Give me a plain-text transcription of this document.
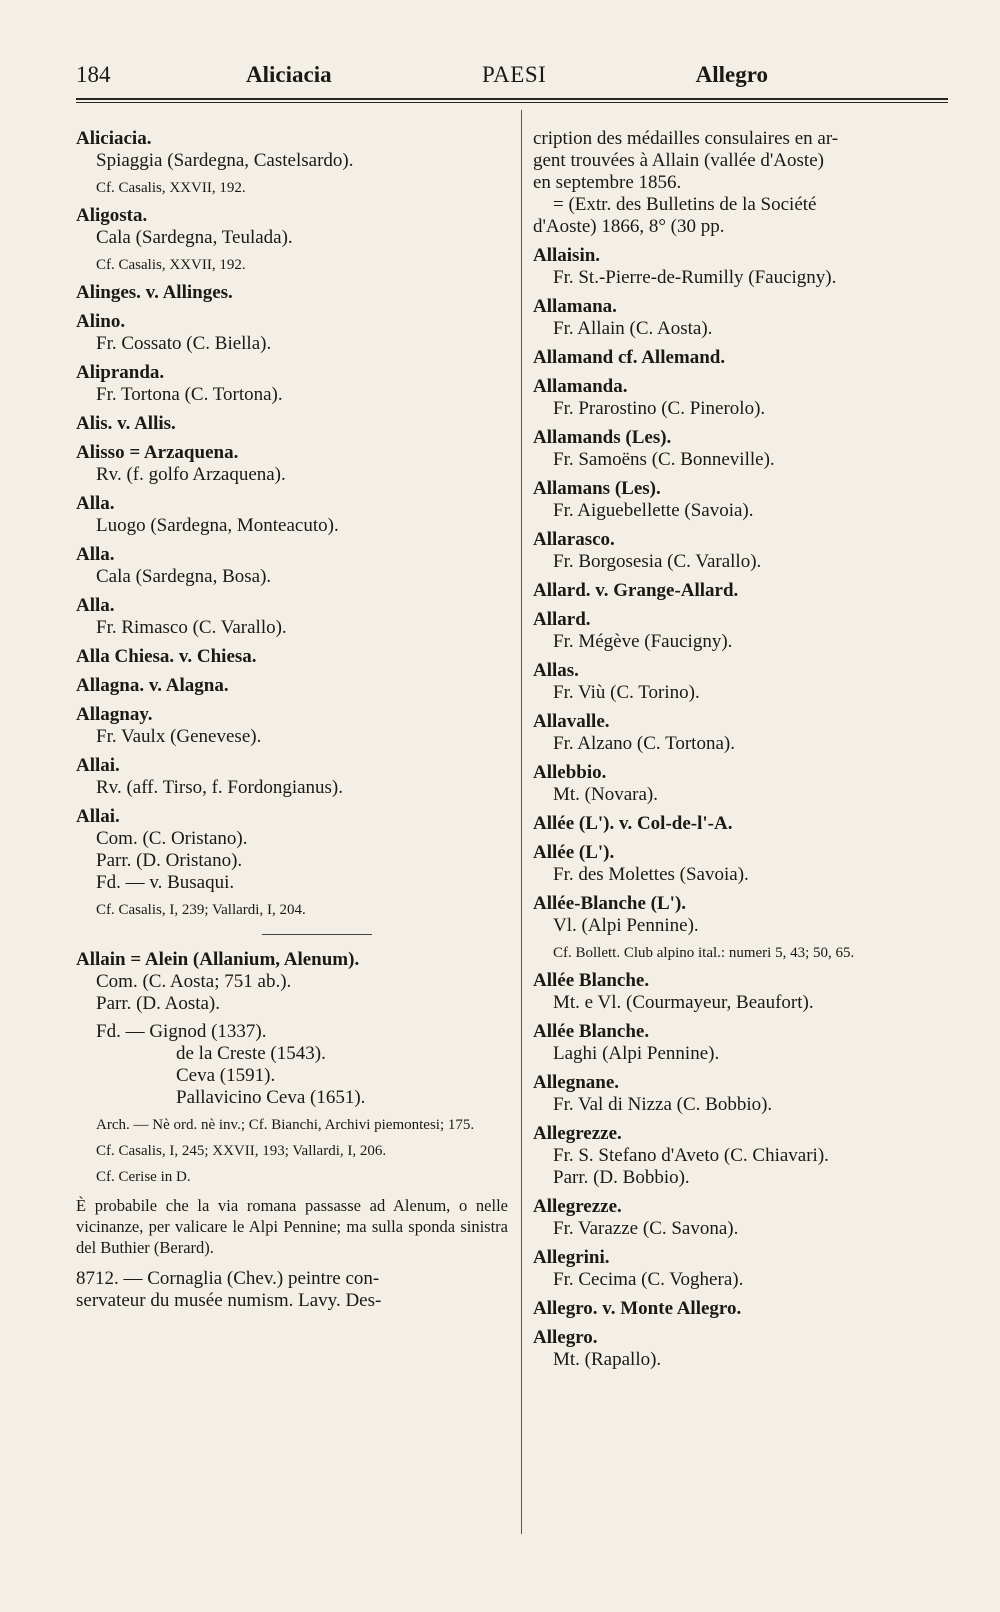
184	Aliciacia	PAESI	Allegro
Aliciacia.
Spiaggia (Sardegna, Castelsardo).
Cf. Casalis, XXVII, 192.
Aligosta.
Cala (Sardegna, Teulada).
Cf. Casalis, XXVII, 192.
Alinges. v. Allinges.
Alino.
Fr. Cossato (C. Biella).
Alipranda.
Fr. Tortona (C. Tortona).
Alis. v. Allis.
Alisso = Arzaquena.
Rv. (f. golfo Arzaquena).
Alla.
Luogo (Sardegna, Monteacuto).
Alla.
Cala (Sardegna, Bosa).
Alla.
Fr. Rimasco (C. Varallo).
Alla Chiesa. v. Chiesa.
Allagna. v. Alagna.
Allagnay.
Fr. Vaulx (Genevese).
Allai.
Rv. (aff. Tirso, f. Fordongianus).
Allai.
Com. (C. Oristano).
Parr. (D. Oristano).
Fd. — v. Busaqui.
Cf. Casalis, I, 239; Vallardi, I, 204.
Allain = Alein (Allanium, Alenum).
Com. (C. Aosta; 751 ab.).
Parr. (D. Aosta).
Fd. — Gignod (1337).
de la Creste (1543).
Ceva (1591).
Pallavicino Ceva (1651).
Arch. — Nè ord. nè inv.; Cf. Bianchi, Archivi piemontesi; 175.
Cf. Casalis, I, 245; XXVII, 193; Vallardi, I, 206.
Cf. Cerise in D.
È probabile che la via romana passasse ad Alenum, o nelle vicinanze, per valicare le Alpi Pennine; ma sulla sponda sinistra del Buthier (Berard).
8712. — Cornaglia (Chev.) peintre con-
servateur du musée numism. Lavy. Des-
cription des médailles consulaires en ar-
gent trouvées à Allain (vallée d'Aoste)
en septembre 1856.
= (Extr. des Bulletins de la Société
d'Aoste) 1866, 8° (30 pp.
Allaisin.
Fr. St.-Pierre-de-Rumilly (Faucigny).
Allamana.
Fr. Allain (C. Aosta).
Allamand cf. Allemand.
Allamanda.
Fr. Prarostino (C. Pinerolo).
Allamands (Les).
Fr. Samoëns (C. Bonneville).
Allamans (Les).
Fr. Aiguebellette (Savoia).
Allarasco.
Fr. Borgosesia (C. Varallo).
Allard. v. Grange-Allard.
Allard.
Fr. Mégève (Faucigny).
Allas.
Fr. Viù (C. Torino).
Allavalle.
Fr. Alzano (C. Tortona).
Allebbio.
Mt. (Novara).
Allée (L'). v. Col-de-l'-A.
Allée (L').
Fr. des Molettes (Savoia).
Allée-Blanche (L').
Vl. (Alpi Pennine).
Cf. Bollett. Club alpino ital.: numeri 5, 43; 50, 65.
Allée Blanche.
Mt. e Vl. (Courmayeur, Beaufort).
Allée Blanche.
Laghi (Alpi Pennine).
Allegnane.
Fr. Val di Nizza (C. Bobbio).
Allegrezze.
Fr. S. Stefano d'Aveto (C. Chiavari).
Parr. (D. Bobbio).
Allegrezze.
Fr. Varazze (C. Savona).
Allegrini.
Fr. Cecima (C. Voghera).
Allegro. v. Monte Allegro.
Allegro.
Mt. (Rapallo).
